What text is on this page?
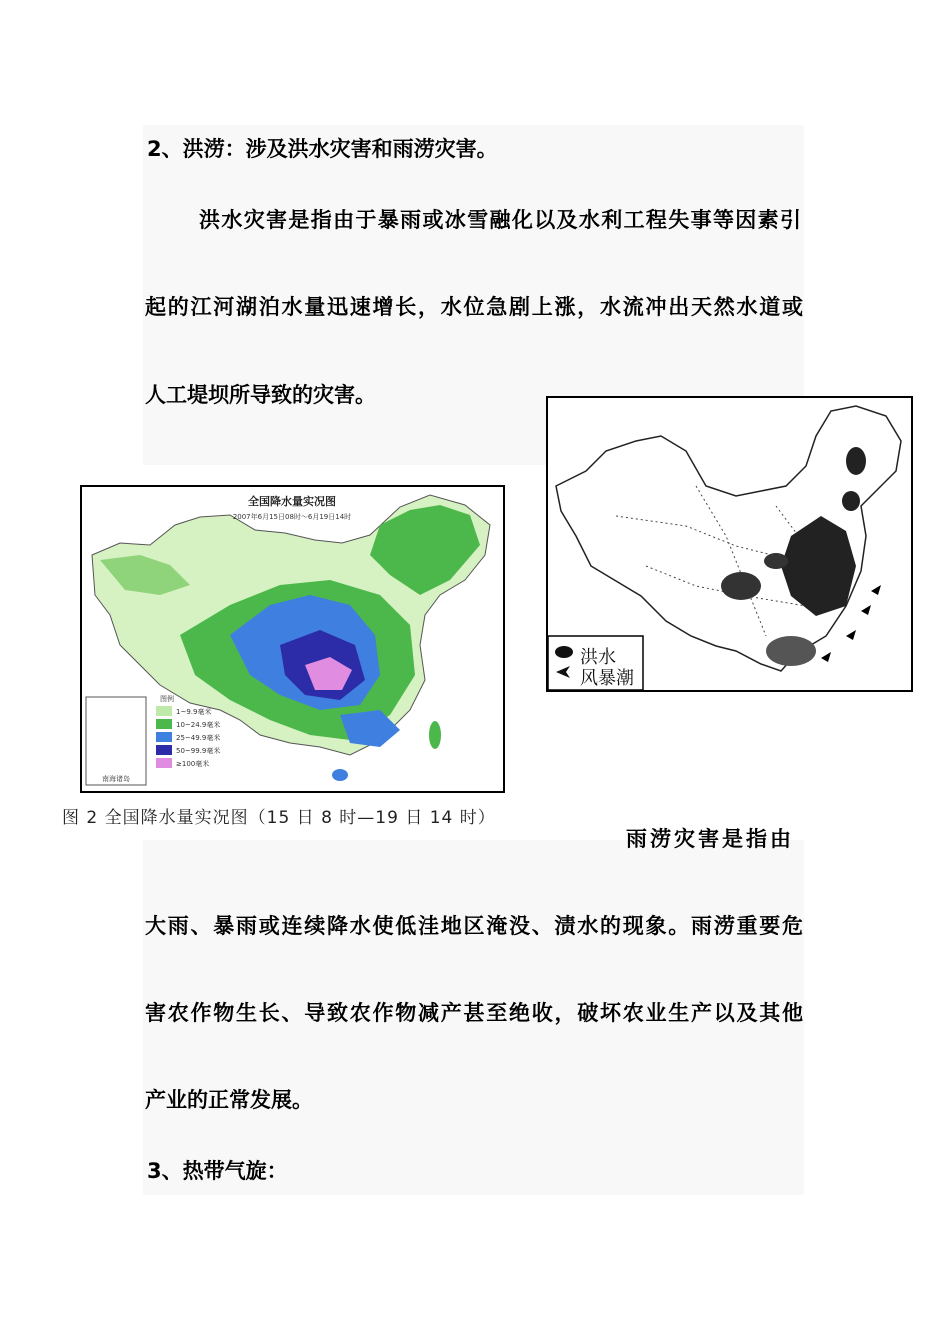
2、洪涝：涉及洪水灾害和雨涝灾害。
洪水灾害是指由于暴雨或冰雪融化以及水利工程失事等因素引
起的江河湖泊水量迅速增长，水位急剧上涨，水流冲出天然水道或
人工堤坝所导致的灾害。
南海诸岛
全国降水量实况图
2007年6月15日08时～6月19日14时
图例
1~9.9毫米
10~24.9毫米
25~49.9毫米
50~99.9毫米
≥100毫米
图 2 全国降水量实况图（15 日 8 时—19 日 14 时）
洪水
风暴潮
雨涝灾害是指由
大雨、暴雨或连续降水使低洼地区淹没、渍水的现象。雨涝重要危
害农作物生长、导致农作物减产甚至绝收，破坏农业生产以及其他
产业的正常发展。
3、热带气旋：
